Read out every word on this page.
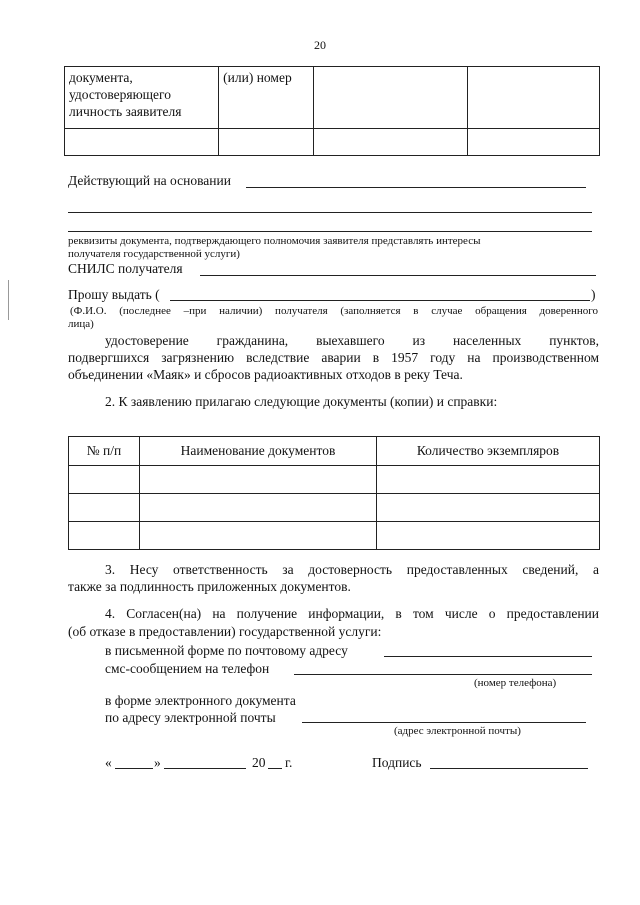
20
документа,
удостоверяющего
личность заявителя	(или) номер		

Действующий на основании
реквизиты документа, подтверждающего полномочия заявителя представлять интересы
получателя государственной услуги)
СНИЛС получателя
Прошу выдать (	)
(Ф.И.О. (последнее –при наличии) получателя (заполняется в случае обращения доверенного
лица)
удостоверение гражданина, выехавшего из населенных пунктов,
подвергшихся загрязнению вследствие аварии в 1957 году на производственном
объединении «Маяк» и сбросов радиоактивных отходов в реку Теча.
2. К заявлению прилагаю следующие документы (копии) и справки:
№ п/п	Наименование документов	Количество экземпляров

3. Несу ответственность за достоверность предоставленных сведений, а
также за подлинность приложенных документов.
4. Согласен(на) на получение информации, в том числе о предоставлении
(об отказе в предоставлении) государственной услуги:
в письменной форме по почтовому адресу
смс-сообщением на телефон
(номер телефона)
в форме электронного документа
по адресу электронной почты
(адрес электронной почты)
«	»	20 г.	Подпись
